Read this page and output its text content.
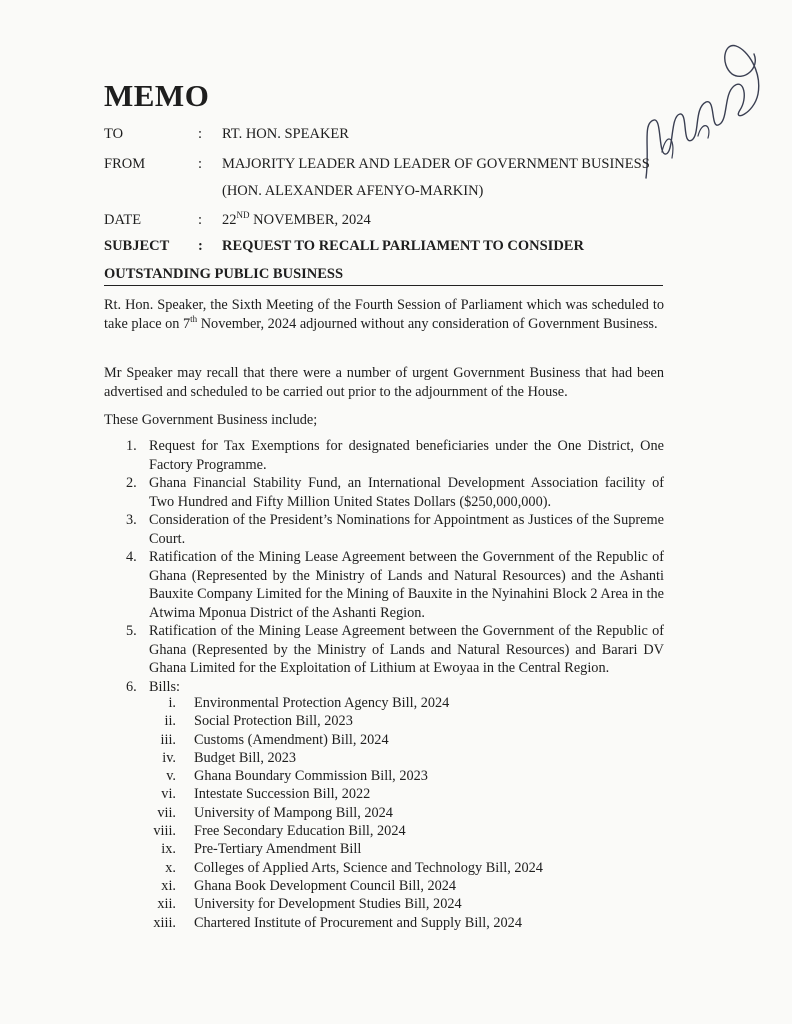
MEMO
TO	: RT. HON. SPEAKER
FROM	: MAJORITY LEADER AND LEADER OF GOVERNMENT BUSINESS
(HON. ALEXANDER AFENYO-MARKIN)
DATE	: 22ND NOVEMBER, 2024
SUBJECT : REQUEST TO RECALL PARLIAMENT TO CONSIDER
OUTSTANDING PUBLIC BUSINESS

Rt. Hon. Speaker, the Sixth Meeting of the Fourth Session of Parliament which was scheduled to take place on 7th November, 2024 adjourned without any consideration of Government Business.

Mr Speaker may recall that there were a number of urgent Government Business that had been advertised and scheduled to be carried out prior to the adjournment of the House.

These Government Business include;

1. Request for Tax Exemptions for designated beneficiaries under the One District, One Factory Programme.
2. Ghana Financial Stability Fund, an International Development Association facility of Two Hundred and Fifty Million United States Dollars ($250,000,000).
3. Consideration of the President’s Nominations for Appointment as Justices of the Supreme Court.
4. Ratification of the Mining Lease Agreement between the Government of the Republic of Ghana (Represented by the Ministry of Lands and Natural Resources) and the Ashanti Bauxite Company Limited for the Mining of Bauxite in the Nyinahini Block 2 Area in the Atwima Mponua District of the Ashanti Region.
5. Ratification of the Mining Lease Agreement between the Government of the Republic of Ghana (Represented by the Ministry of Lands and Natural Resources) and Barari DV Ghana Limited for the Exploitation of Lithium at Ewoyaa in the Central Region.
6. Bills:
i. Environmental Protection Agency Bill, 2024
ii. Social Protection Bill, 2023
iii. Customs (Amendment) Bill, 2024
iv. Budget Bill, 2023
v. Ghana Boundary Commission Bill, 2023
vi. Intestate Succession Bill, 2022
vii. University of Mampong Bill, 2024
viii. Free Secondary Education Bill, 2024
ix. Pre-Tertiary Amendment Bill
x. Colleges of Applied Arts, Science and Technology Bill, 2024
xi. Ghana Book Development Council Bill, 2024
xii. University for Development Studies Bill, 2024
xiii. Chartered Institute of Procurement and Supply Bill, 2024
